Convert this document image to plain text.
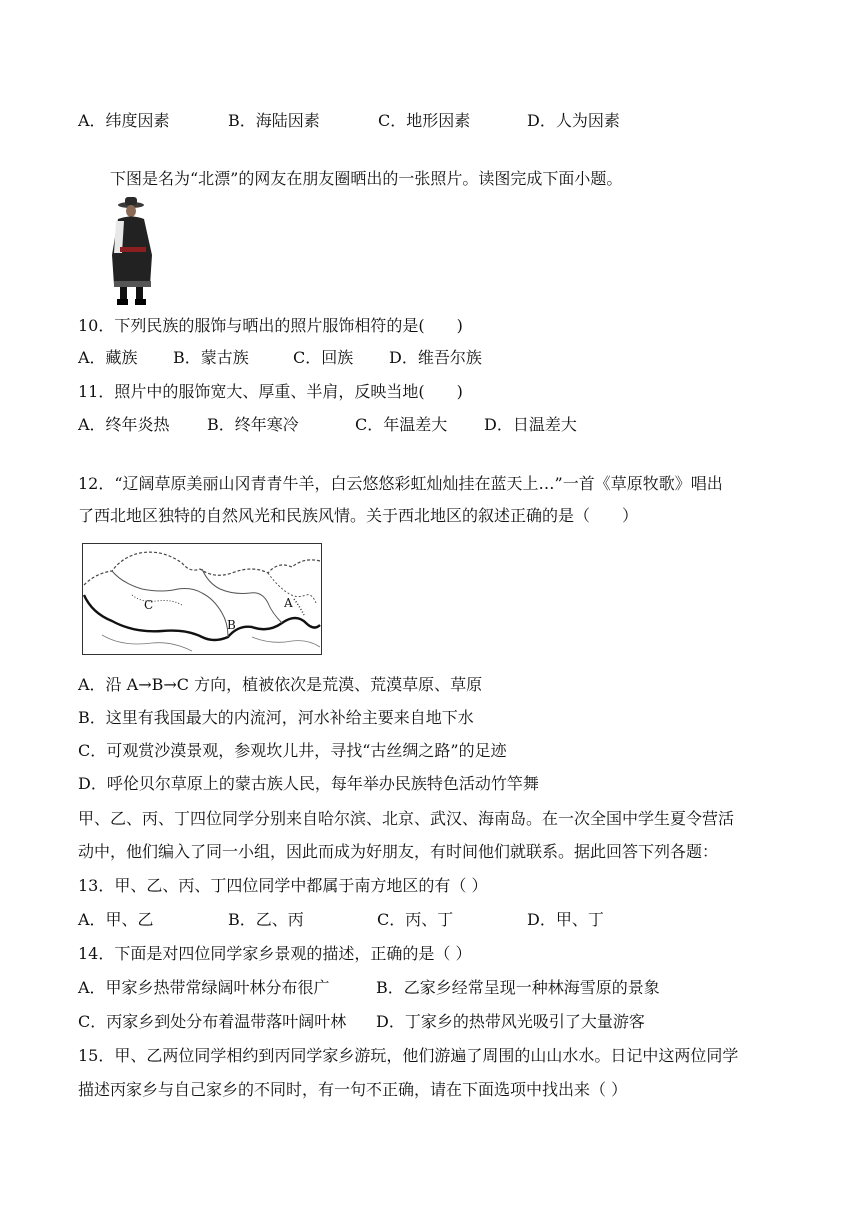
A．纬度因素	B．海陆因素	C．地形因素	D．人为因素
下图是名为“北漂”的网友在朋友圈晒出的一张照片。读图完成下面小题。
10．下列民族的服饰与晒出的照片服饰相符的是(　　)
A．藏族 B．蒙古族	C．回族 D．维吾尔族
11．照片中的服饰宽大、厚重、半肩，反映当地(　　)
A．终年炎热 B．终年寒冷	C．年温差大 D．日温差大
12．“辽阔草原美丽山冈青青牛羊，白云悠悠彩虹灿灿挂在蓝天上…”一首《草原牧歌》唱出
了西北地区独特的自然风光和民族风情。关于西北地区的叙述正确的是（　　）
C
B
A
A．沿 A→B→C 方向，植被依次是荒漠、荒漠草原、草原
B．这里有我国最大的内流河，河水补给主要来自地下水
C．可观赏沙漠景观，参观坎儿井，寻找“古丝绸之路”的足迹
D．呼伦贝尔草原上的蒙古族人民，每年举办民族特色活动竹竿舞
甲、乙、丙、丁四位同学分别来自哈尔滨、北京、武汉、海南岛。在一次全国中学生夏令营活
动中，他们编入了同一小组，因此而成为好朋友，有时间他们就联系。据此回答下列各题：
13．甲、乙、丙、丁四位同学中都属于南方地区的有（ ）
A．甲、乙	B．乙、丙	C．丙、丁	D．甲、丁
14．下面是对四位同学家乡景观的描述，正确的是（ ）
A．甲家乡热带常绿阔叶林分布很广	B．乙家乡经常呈现一种林海雪原的景象
C．丙家乡到处分布着温带落叶阔叶林 D．丁家乡的热带风光吸引了大量游客
15．甲、乙两位同学相约到丙同学家乡游玩，他们游遍了周围的山山水水。日记中这两位同学
描述丙家乡与自己家乡的不同时，有一句不正确，请在下面选项中找出来（ ）
